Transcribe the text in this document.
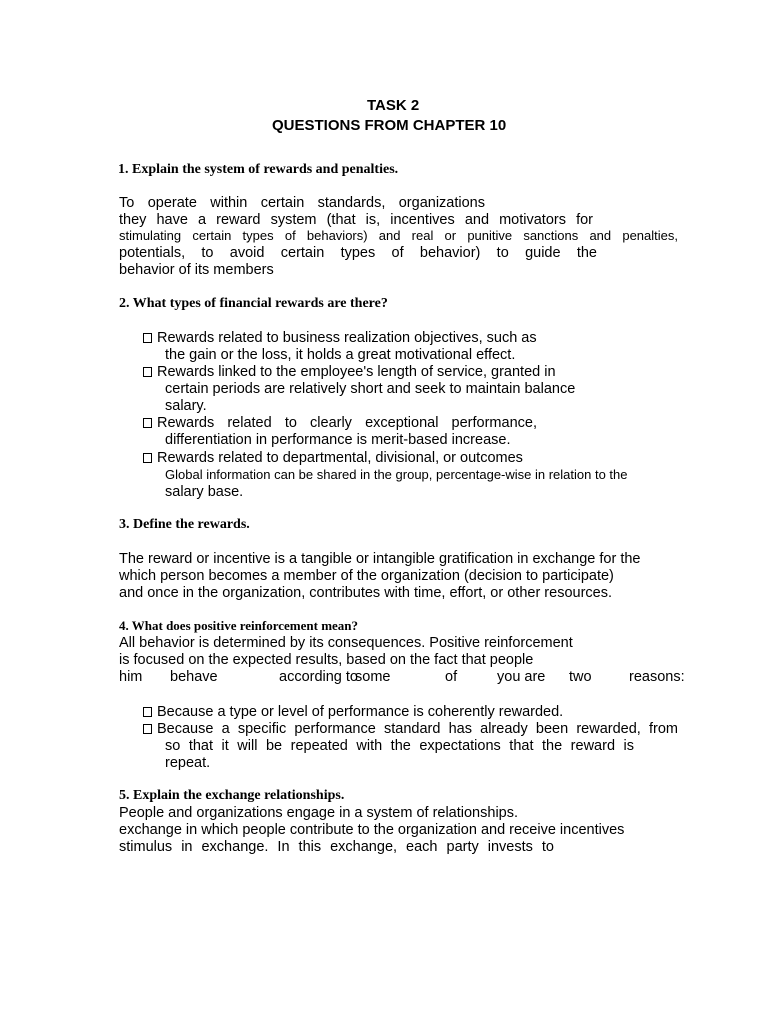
TASK 2
QUESTIONS FROM CHAPTER 10
1. Explain the system of rewards and penalties.
To operate within certain standards, organizations
they have a reward system (that is, incentives and motivators for
stimulating certain types of behaviors) and real or punitive sanctions and penalties,
potentials, to avoid certain types of behavior) to guide the
behavior of its members
2. What types of financial rewards are there?
Rewards related to business realization objectives, such as
the gain or the loss, it holds a great motivational effect.
Rewards linked to the employee's length of service, granted in
certain periods are relatively short and seek to maintain balance
salary.
Rewards related to clearly exceptional performance,
differentiation in performance is merit-based increase.
Rewards related to departmental, divisional, or outcomes
Global information can be shared in the group, percentage-wise in relation to the
salary base.
3. Define the rewards.
The reward or incentive is a tangible or intangible gratification in exchange for the
which person becomes a member of the organization (decision to participate)
and once in the organization, contributes with time, effort, or other resources.
4. What does positive reinforcement mean?
All behavior is determined by its consequences. Positive reinforcement
is focused on the expected results, based on the fact that people
him behave	according to
some	of	you are two	reasons:
Because a type or level of performance is coherently rewarded.
Because a specific performance standard has already been rewarded, from
so that it will be repeated with the expectations that the reward is
repeat.
5. Explain the exchange relationships.
People and organizations engage in a system of relationships.
exchange in which people contribute to the organization and receive incentives
stimulus in exchange. In this exchange, each party invests to
